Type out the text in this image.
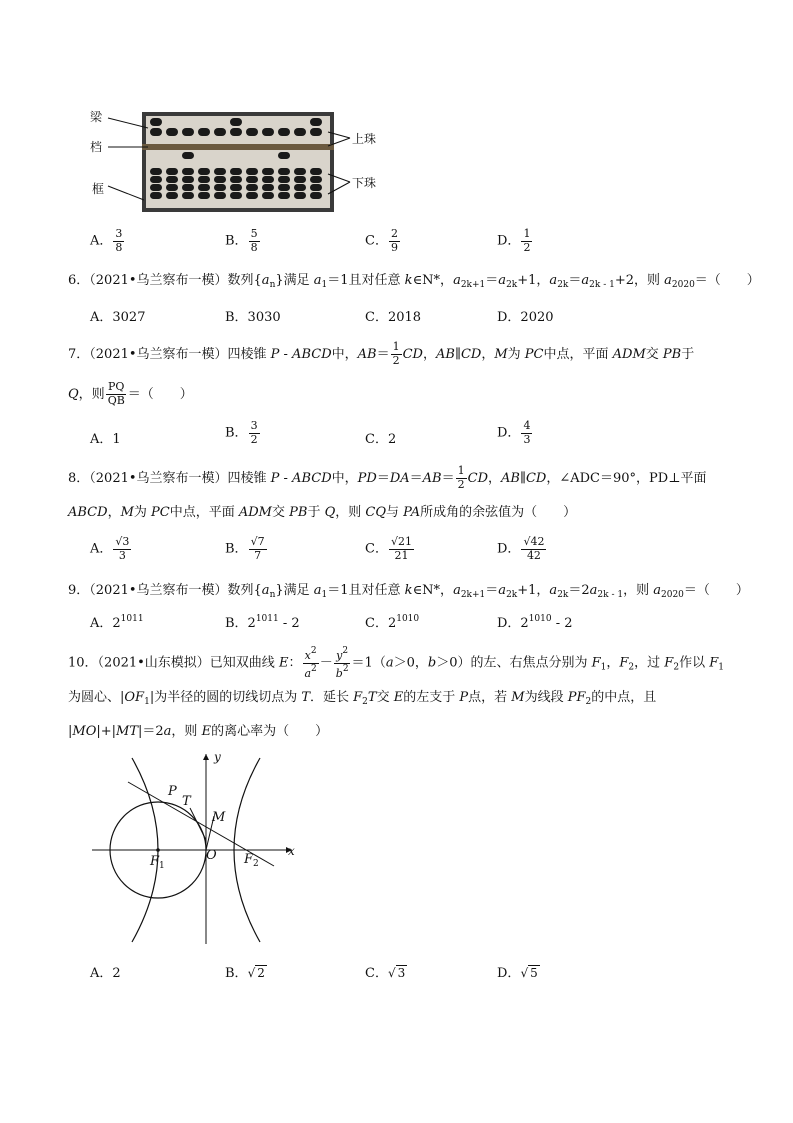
梁
档
框
上珠
下珠
A． $\frac{3}{8}$	B． $\frac{5}{8}$	C． $\frac{2}{9}$	D． $\frac{1}{2}$
6．（2021•乌兰察布一模）数列$\{a_n\}$满足 $a_1=1$且对任意 k∈N*，$a_{2k+1}=a_{2k}+1$，$a_{2k}=a_{2k - 1}+2$，则 $a_{2020}=$（　　）
A．3027	B．3030	C．2018	D．2020
7．（2021•乌兰察布一模）四棱锥 P - ABCD中，$AB= \frac{1}{2}$ CD，AB∥CD，M为 PC中点，平面 ADM交 PB于
Q，则 $\frac{PQ}{QB}$ ＝（　　）
A．1	B． $\frac{3}{2}$	C．2	D． $\frac{4}{3}$
8．（2021•乌兰察布一模）四棱锥 P - ABCD中，$PD=DA=AB= \frac{1}{2}$ CD，AB∥CD，∠ADC＝90°，PD⊥平面
ABCD，M为 PC中点，平面 ADM交 PB于 Q，则 CQ与 PA所成角的余弦值为（　　）
A． $\frac{√3}{3}$	B． $\frac{√7}{7}$	C． $\frac{√21}{21}$	D． $\frac{√42}{42}$
9．（2021•乌兰察布一模）数列$\{a_n\}$满足 $a_1=1$且对任意 k∈N*，$a_{2k+1}=a_{2k}+1$，$a_{2k}=2a_{2k - 1}$，则 $a_{2020}=$（　　）
A．$2^{1011}$	B．$2^{1011} - 2$	C．$2^{1010}$	D．$2^{1010} - 2$
10．（2021•山东模拟）已知双曲线 E： $\frac{x^2}{a^2} - \frac{y^2}{b^2} =1(a>0$，b＞0）的左、右焦点分别为 $F_1$，$F_2$，过 $F_2$作以 $F_1$
为圆心、$|OF_1|$为半径的圆的切线切点为 T．延长 $F_2T$交 E的左支于 P点，若 M为线段 $PF_2$的中点，且
|MO|+|MT|＝2a，则 E的离心率为（　　）
y
x
P
T
M
O
$F_1$	$F_2$
A．2	B．√ 2	C．√ 3	D．√ 5
